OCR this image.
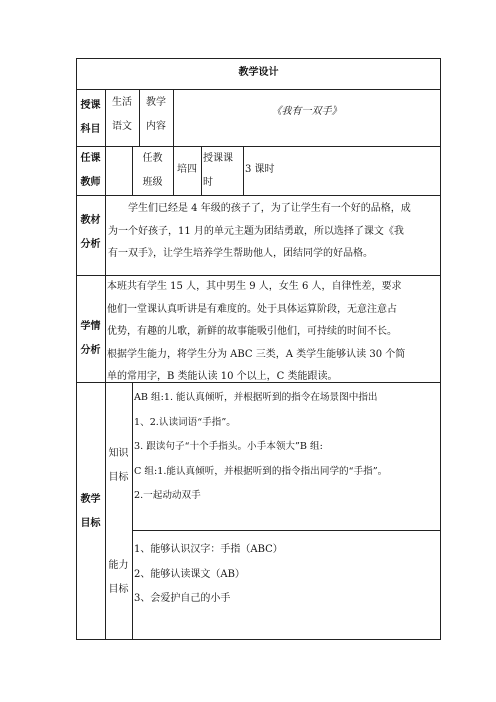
教学设计
授课
科目
生活
语文
教学
内容
《我有一双手》
任课
教师
任教
班级
培四
授课课
时
3 课时
教材
分析
学生们已经是 4 年级的孩子了，为了让学生有一个好的品格，成
为一个好孩子，11 月的单元主题为团结勇敢，所以选择了课文《我
有一双手》，让学生培养学生帮助他人，团结同学的好品格。
学情
分析
本班共有学生 15 人，其中男生 9 人，女生 6 人，自律性差，要求
他们一堂课认真听讲是有难度的。处于具体运算阶段，无意注意占
优势，有趣的儿歌，新鲜的故事能吸引他们，可持续的时间不长。
根据学生能力，将学生分为 ABC 三类，A 类学生能够认读 30 个简
单的常用字，B 类能认读 10 个以上，C 类能跟读。
教学
目标
知识
目标
AB 组:1. 能认真倾听，并根据听到的指令在场景图中指出
1、2.认读词语“手指”。
3. 跟读句子“十个手指头。小手本领大”B 组:
C 组:1.能认真倾听，并根据听到的指令指出同学的“手指”。
2.一起动动双手
能力
目标
1、能够认识汉字：手指（ABC）
2、能够认读课文（AB）
3、会爱护自己的小手
